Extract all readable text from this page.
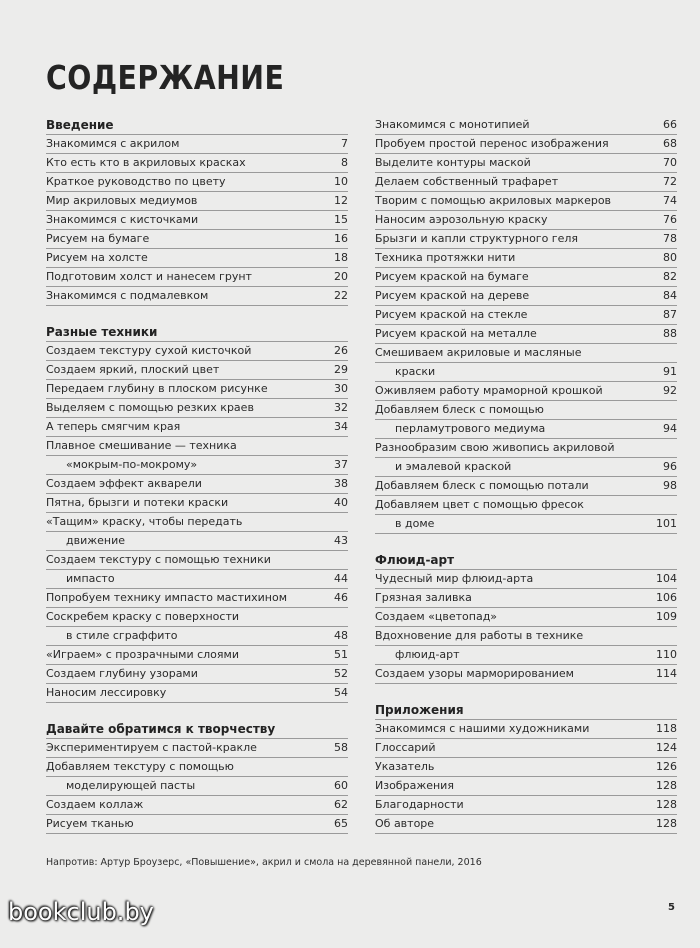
СОДЕРЖАНИЕ
Введение
Знакомимся с акрилом	7
Кто есть кто в акриловых красках	8
Краткое руководство по цвету	10
Мир акриловых медиумов	12
Знакомимся с кисточками	15
Рисуем на бумаге	16
Рисуем на холсте	18
Подготовим холст и нанесем грунт	20
Знакомимся с подмалевком	22
Разные техники
Создаем текстуру сухой кисточкой	26
Создаем яркий, плоский цвет	29
Передаем глубину в плоском рисунке	30
Выделяем с помощью резких краев	32
А теперь смягчим края	34
Плавное смешивание — техника
«мокрым-по-мокрому»	37
Создаем эффект акварели	38
Пятна, брызги и потеки краски	40
«Тащим» краску, чтобы передать
движение	43
Создаем текстуру с помощью техники
импасто	44
Попробуем технику импасто мастихином	46
Соскребем краску с поверхности
в стиле сграффито	48
«Играем» с прозрачными слоями	51
Создаем глубину узорами	52
Наносим лессировку	54
Давайте обратимся к творчеству
Экспериментируем с пастой-кракле	58
Добавляем текстуру с помощью
моделирующей пасты	60
Создаем коллаж	62
Рисуем тканью	65
Знакомимся с монотипией	66
Пробуем простой перенос изображения	68
Выделите контуры маской	70
Делаем собственный трафарет	72
Творим с помощью акриловых маркеров	74
Наносим аэрозольную краску	76
Брызги и капли структурного геля	78
Техника протяжки нити	80
Рисуем краской на бумаге	82
Рисуем краской на дереве	84
Рисуем краской на стекле	87
Рисуем краской на металле	88
Смешиваем акриловые и масляные
краски	91
Оживляем работу мраморной крошкой	92
Добавляем блеск с помощью
перламутрового медиума	94
Разнообразим свою живопись акриловой
и эмалевой краской	96
Добавляем блеск с помощью потали	98
Добавляем цвет с помощью фресок
в доме	101
Флюид-арт
Чудесный мир флюид-арта	104
Грязная заливка	106
Создаем «цветопад»	109
Вдохновение для работы в технике
флюид-арт	110
Создаем узоры марморированием	114
Приложения
Знакомимся с нашими художниками	118
Глоссарий	124
Указатель	126
Изображения	128
Благодарности	128
Об авторе	128
Напротив: Артур Броузерс, «Повышение», акрил и смола на деревянной панели, 2016
bookclub.by	5
